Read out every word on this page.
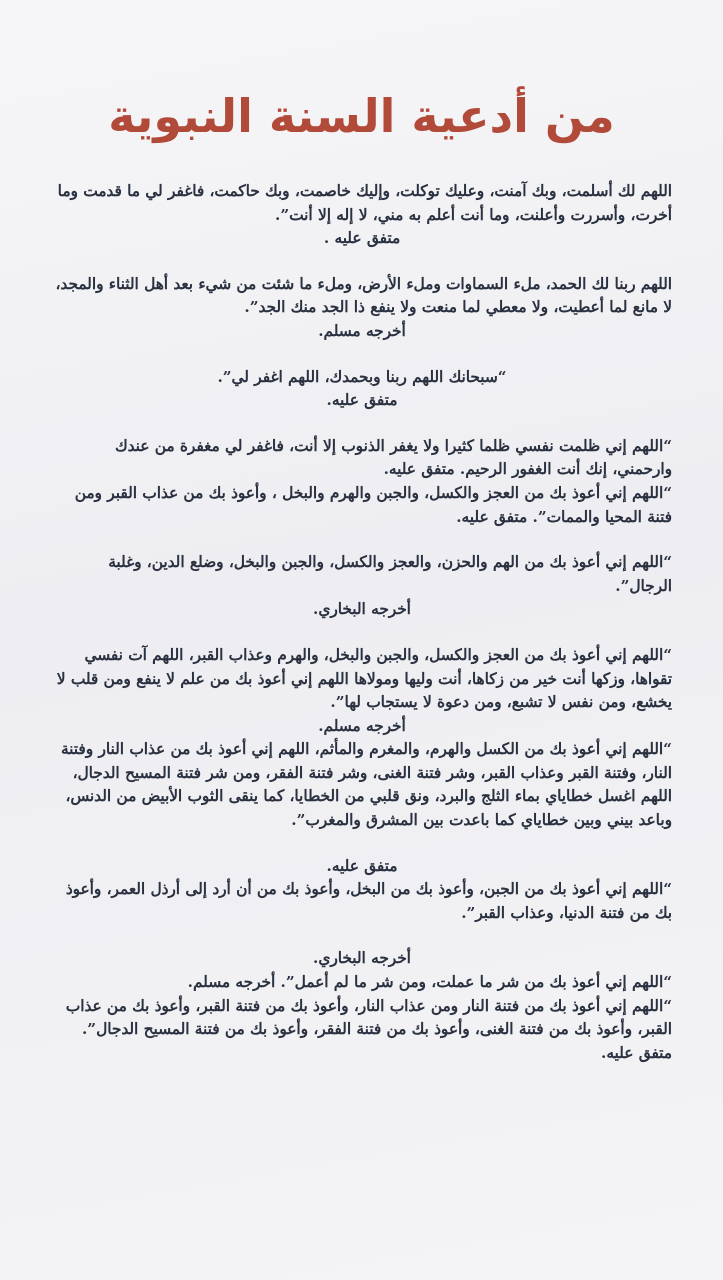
من أدعية السنة النبوية

اللهم لك أسلمت، وبك آمنت، وعليك توكلت، وإليك خاصمت، وبك حاكمت، فاغفر لي ما قدمت وما أخرت، وأسررت وأعلنت، وما أنت أعلم به مني، لا إله إلا أنت”.

متفق عليه .

اللهم ربنا لك الحمد، ملء السماوات وملء الأرض، وملء ما شئت من شيء بعد أهل الثناء والمجد، لا مانع لما أعطيت، ولا معطي لما منعت ولا ينفع ذا الجد منك الجد”.

أخرجه مسلم.

“سبحانك اللهم ربنا وبحمدك، اللهم اغفر لي”.

متفق عليه.

“اللهم إني ظلمت نفسي ظلما كثيرا ولا يغفر الذنوب إلا أنت، فاغفر لي مغفرة من عندك وارحمني، إنك أنت الغفور الرحيم. متفق عليه.

“اللهم إني أعوذ بك من العجز والكسل، والجبن والهرم والبخل ، وأعوذ بك من عذاب القبر ومن فتنة المحيا والممات”. متفق عليه.

“اللهم إني أعوذ بك من الهم والحزن، والعجز والكسل، والجبن والبخل، وضلع الدين، وغلبة الرجال”.

أخرجه البخاري.

“اللهم إني أعوذ بك من العجز والكسل، والجبن والبخل، والهرم وعذاب القبر، اللهم آت نفسي تقواها، وزكها أنت خير من زكاها، أنت وليها ومولاها اللهم إني أعوذ بك من علم لا ينفع ومن قلب لا يخشع، ومن نفس لا تشبع، ومن دعوة لا يستجاب لها”.

أخرجه مسلم.

“اللهم إني أعوذ بك من الكسل والهرم، والمغرم والمأثم، اللهم إني أعوذ بك من عذاب النار وفتنة النار، وفتنة القبر وعذاب القبر، وشر فتنة الغنى، وشر فتنة الفقر، ومن شر فتنة المسيح الدجال، اللهم اغسل خطاياي بماء الثلج والبرد، ونق قلبي من الخطايا، كما ينقى الثوب الأبيض من الدنس، وباعد بيني وبين خطاياي كما باعدت بين المشرق والمغرب”.

متفق عليه.

“اللهم إني أعوذ بك من الجبن، وأعوذ بك من البخل، وأعوذ بك من أن أرد إلى أرذل العمر، وأعوذ بك من فتنة الدنيا، وعذاب القبر”.

أخرجه البخاري.

“اللهم إني أعوذ بك من شر ما عملت، ومن شر ما لم أعمل”. أخرجه مسلم.

“اللهم إني أعوذ بك من فتنة النار ومن عذاب النار، وأعوذ بك من فتنة القبر، وأعوذ بك من عذاب القبر، وأعوذ بك من فتنة الغنى، وأعوذ بك من فتنة الفقر، وأعوذ بك من فتنة المسيح الدجال”. متفق عليه.
